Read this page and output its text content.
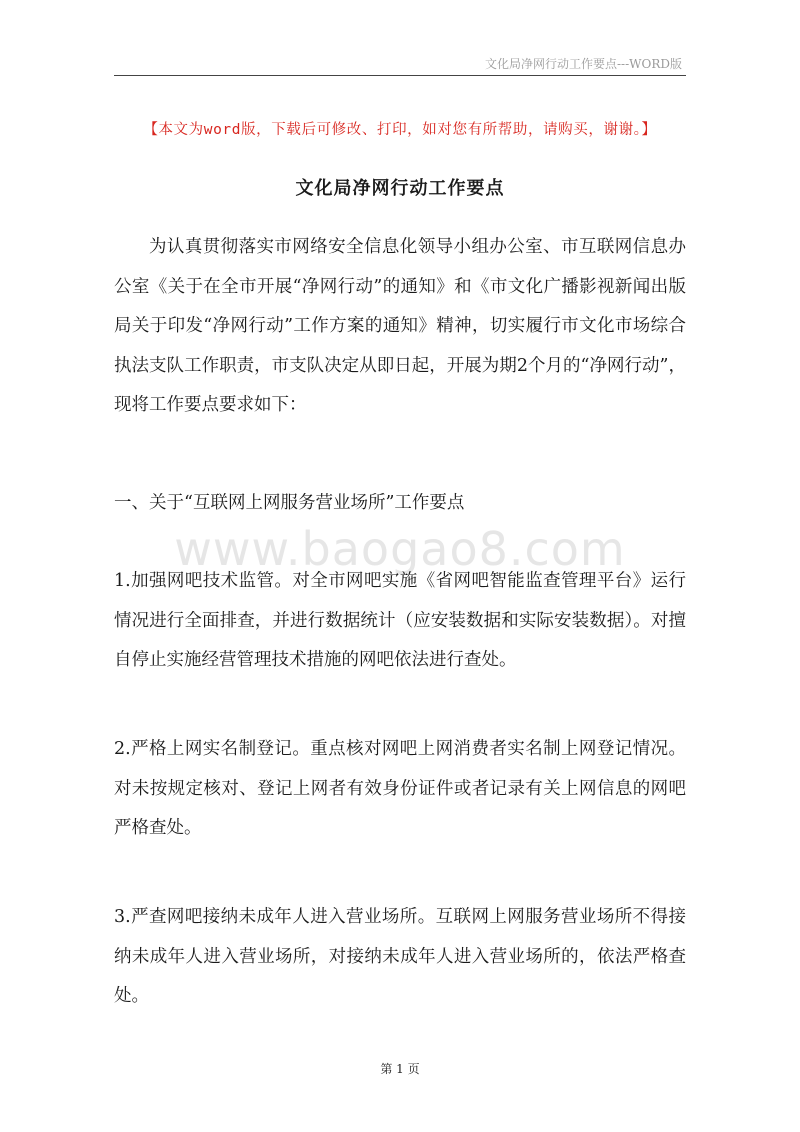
文化局净网行动工作要点---WORD版
【本文为word版，下载后可修改、打印，如对您有所帮助，请购买，谢谢。】
文化局净网行动工作要点

为认真贯彻落实市网络安全信息化领导小组办公室、市互联网信息办公室《关于在全市开展“净网行动”的通知》和《市文化广播影视新闻出版局关于印发“净网行动”工作方案的通知》精神，切实履行市文化市场综合执法支队工作职责，市支队决定从即日起，开展为期2个月的“净网行动”，现将工作要点要求如下：

一、关于“互联网上网服务营业场所”工作要点

www.baogao8.com

1.加强网吧技术监管。对全市网吧实施《省网吧智能监查管理平台》运行情况进行全面排查，并进行数据统计（应安装数据和实际安装数据）。对擅自停止实施经营管理技术措施的网吧依法进行查处。

2.严格上网实名制登记。重点核对网吧上网消费者实名制上网登记情况。对未按规定核对、登记上网者有效身份证件或者记录有关上网信息的网吧严格查处。

3.严查网吧接纳未成年人进入营业场所。互联网上网服务营业场所不得接纳未成年人进入营业场所，对接纳未成年人进入营业场所的，依法严格查处。

第 1 页
